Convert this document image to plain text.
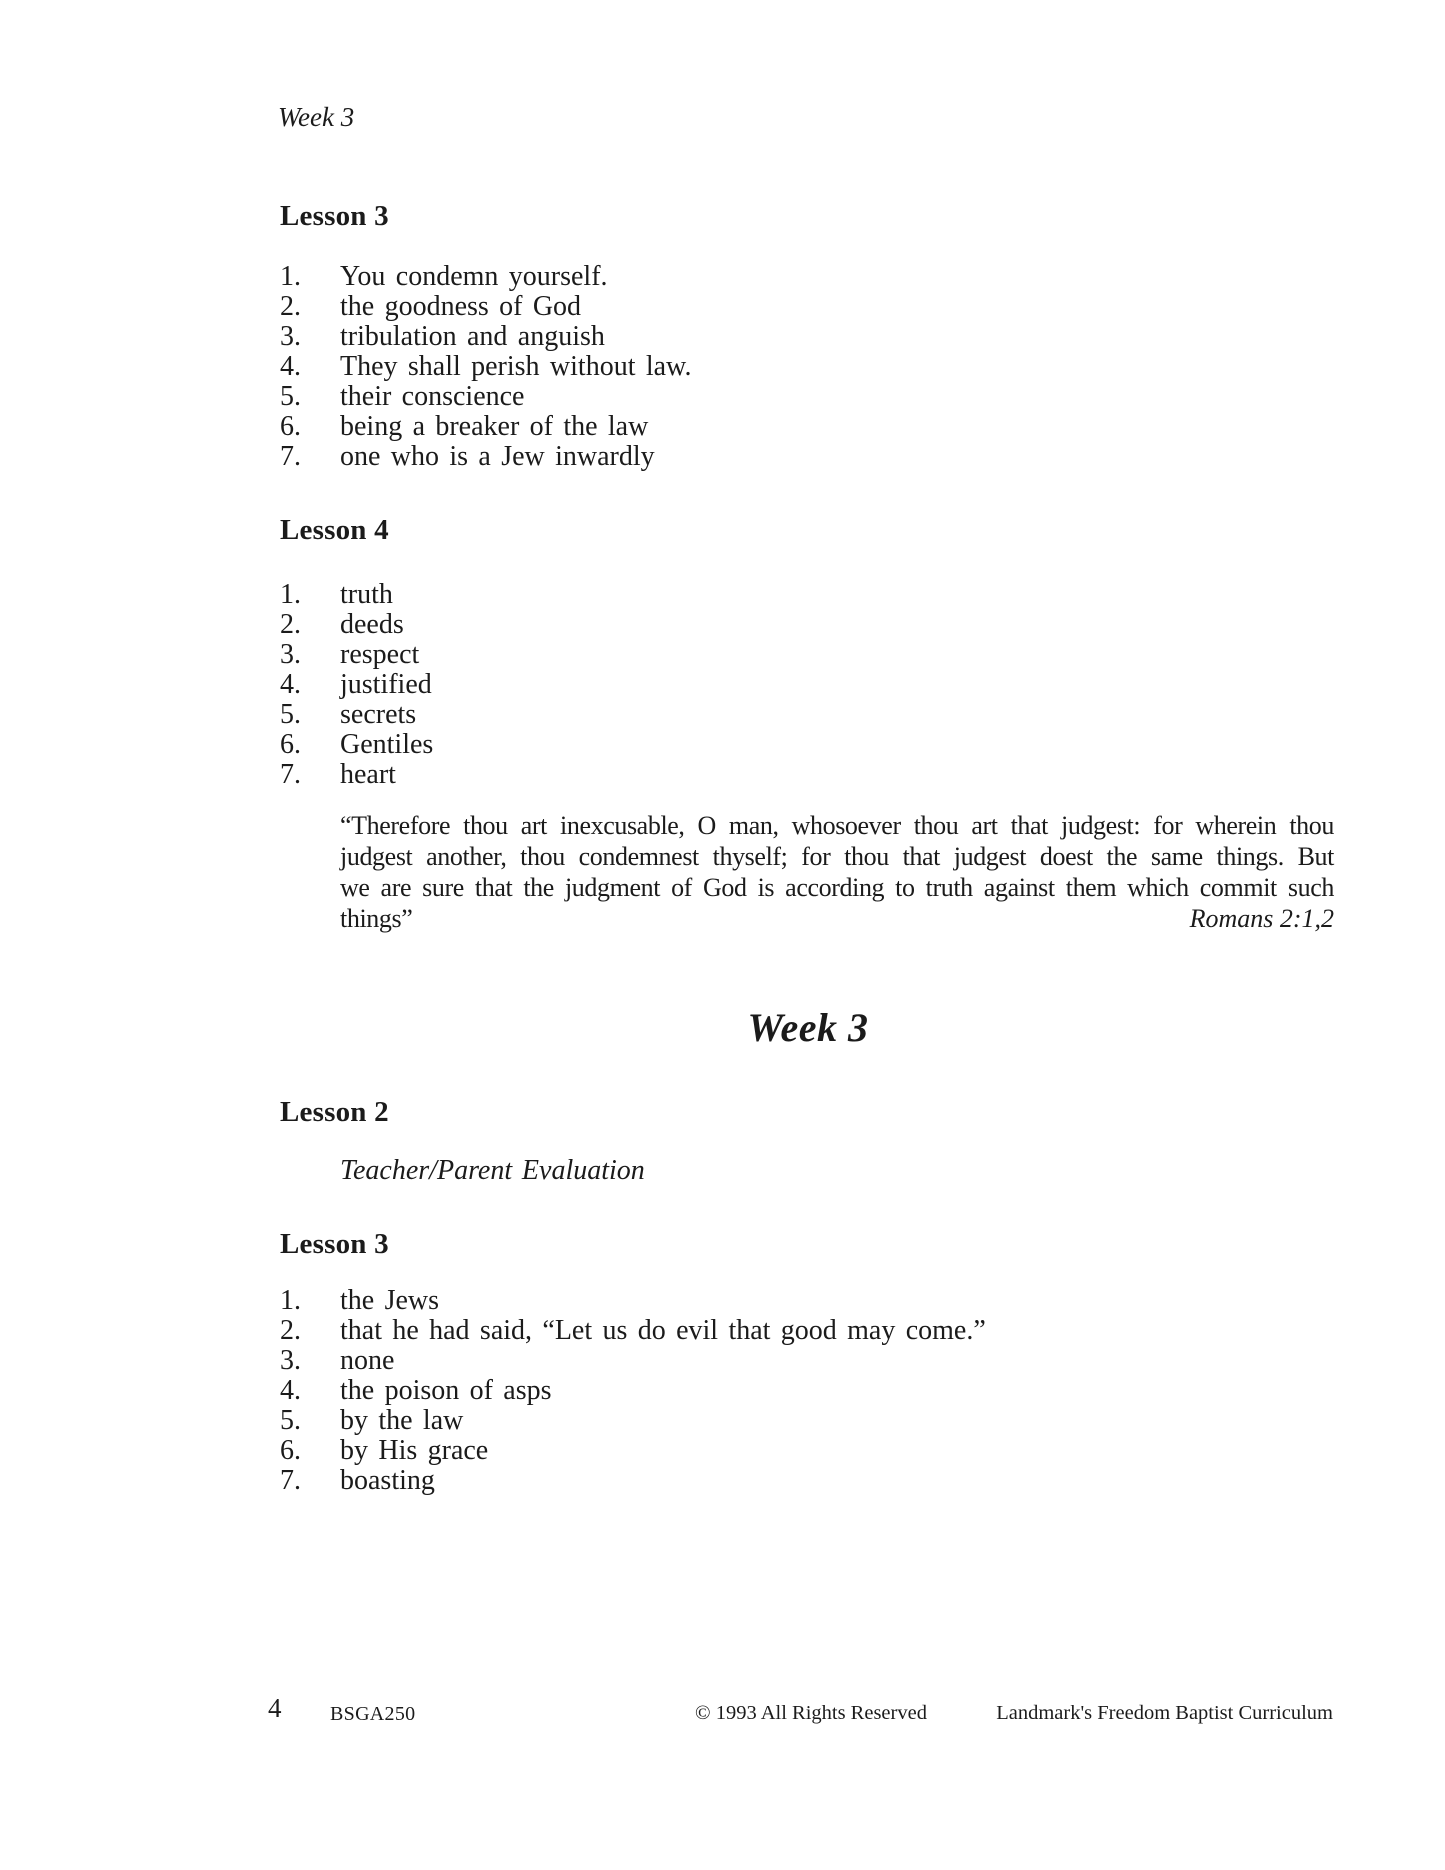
Week 3
Lesson 3
1.	You condemn yourself.
2.	the goodness of God
3.	tribulation and anguish
4.	They shall perish without law.
5.	their conscience
6.	being a breaker of the law
7.	one who is a Jew inwardly
Lesson 4
1.	truth
2.	deeds
3.	respect
4.	justified
5.	secrets
6.	Gentiles
7.	heart
“Therefore thou art inexcusable, O man, whosoever thou art that judgest: for wherein thou
judgest another, thou condemnest thyself; for thou that judgest doest the same things. But
we are sure that the judgment of God is according to truth against them which commit such
things”	Romans 2:1,2
Week 3
Lesson 2
Teacher/Parent Evaluation
Lesson 3
1.	the Jews
2.	that he had said, “Let us do evil that good may come.”
3.	none
4.	the poison of asps
5.	by the law
6.	by His grace
7.	boasting
4 BSGA250	© 1993 All Rights Reserved	Landmark's Freedom Baptist Curriculum
